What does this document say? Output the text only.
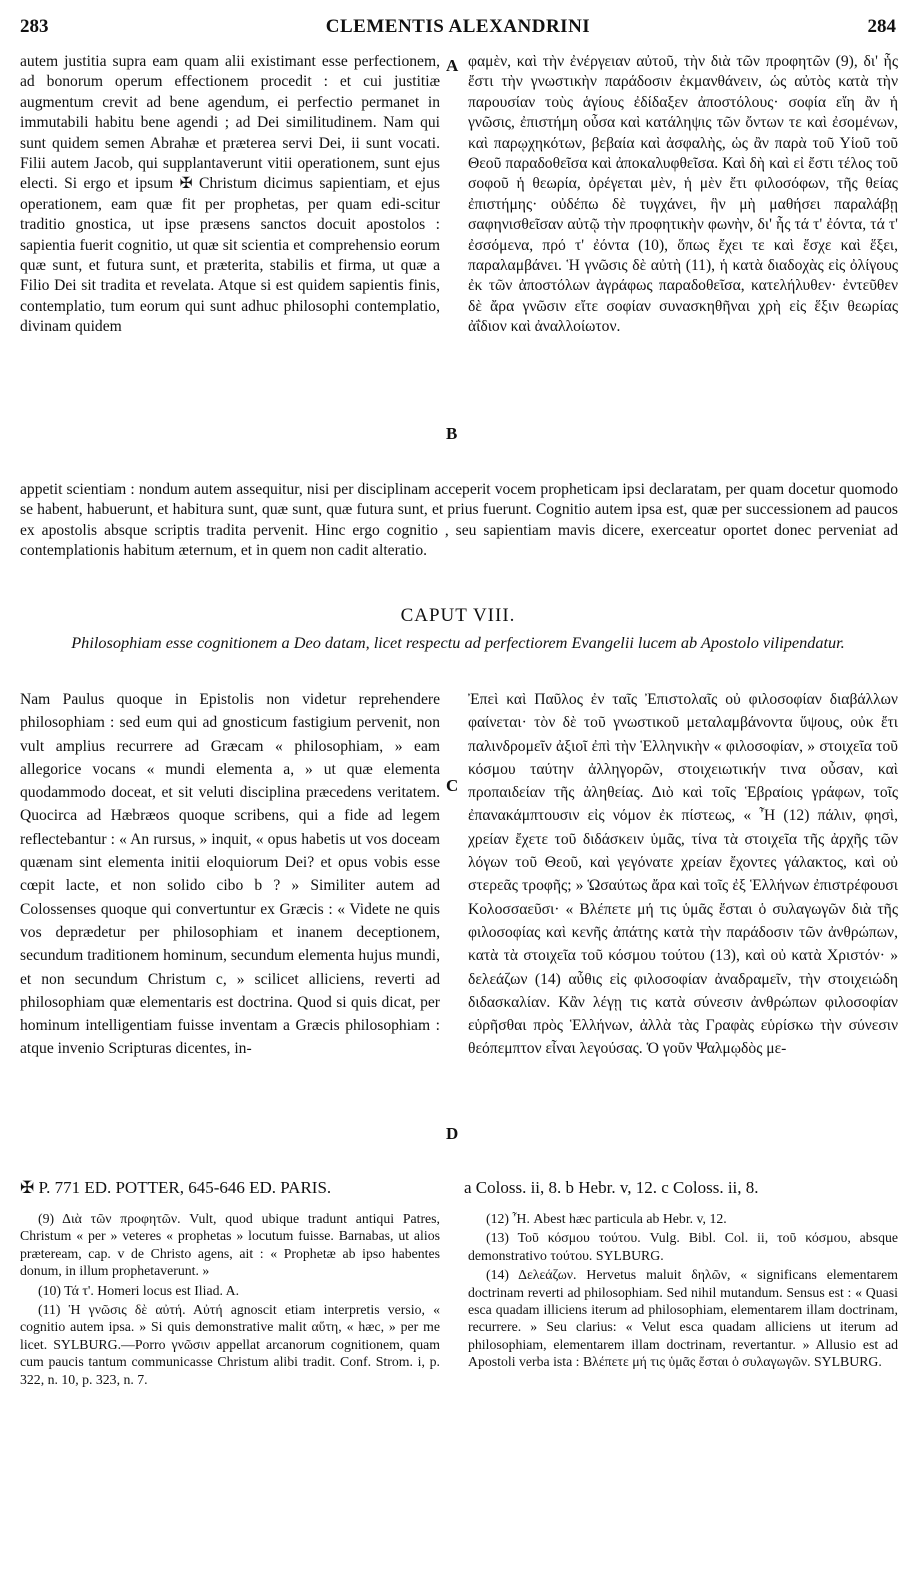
283	CLEMENTIS ALEXANDRINI	284
autem justitia supra eam quam alii existimant esse perfectionem, ad bonorum operum effectionem procedit : et cui justitiæ augmentum crevit ad bene agendum, ei perfectio permanet in immutabili habitu bene agendi ; ad Dei similitudinem. Nam qui sunt quidem semen Abrahæ et præterea servi Dei, ii sunt vocati. Filii autem Jacob, qui supplantaverunt vitii operationem, sunt ejus electi. Si ergo et ipsum ✠ Christum dicimus sapientiam, et ejus operationem, eam quæ fit per prophetas, per quam edi-scitur traditio gnostica, ut ipse præsens sanctos docuit apostolos : sapientia fuerit cognitio, ut quæ sit scientia et comprehensio eorum quæ sunt, et futura sunt, et præterita, stabilis et firma, ut quæ a Filio Dei sit tradita et revelata. Atque si est quidem sapientis finis, contemplatio, tum eorum qui sunt adhuc philosophi contemplatio, divinam quidem
A φαμὲν, καὶ τὴν ἐνέργειαν αὐτοῦ, τὴν διὰ τῶν προφητῶν (9), δι' ἧς ἔστι τὴν γνωστικὴν παράδοσιν ἐκμανθάνειν, ὡς αὐτὸς κατὰ τὴν παρουσίαν τοὺς ἁγίους ἐδίδαξεν ἀποστόλους· σοφία εἴη ἂν ἡ γνῶσις, ἐπιστήμη οὖσα καὶ κατάληψις τῶν ὄντων τε καὶ ἐσομένων, καὶ παρῳχηκότων, βεβαία καὶ ἀσφαλὴς, ὡς ἂν παρὰ τοῦ Υἱοῦ τοῦ Θεοῦ παραδοθεῖσα καὶ ἀποκαλυφθεῖσα. Καὶ δὴ καὶ εἰ ἔστι τέλος τοῦ σοφοῦ ἡ θεωρία, ὀρέγεται μὲν, ἡ μὲν ἔτι φιλοσόφων, τῆς θείας ἐπιστήμης· οὐδέπω δὲ τυγχάνει, ἣν μὴ μαθήσει παραλάβῃ σαφηνισθεῖσαν αὐτῷ τὴν προφητικὴν φωνὴν, δι' ἧς τά τ' ἐόντα, τά τ' ἐσσόμενα, πρό τ' ἐόντα (10), ὅπως ἔχει τε καὶ ἔσχε καὶ ἕξει, παραλαμβάνει. Ἡ γνῶσις δὲ αὐτὴ (11), ἡ κατὰ διαδοχὰς εἰς ὀλίγους ἐκ τῶν ἀποστόλων ἀγράφως παραδοθεῖσα, κατελήλυθεν· ἐντεῦθεν δὲ ἄρα γνῶσιν εἴτε σοφίαν συνασκηθῆναι χρὴ εἰς ἕξιν θεωρίας ἀΐδιον καὶ ἀναλλοίωτον.
B
appetit scientiam : nondum autem assequitur, nisi per disciplinam acceperit vocem propheticam ipsi declaratam, per quam docetur quomodo se habent, habuerunt, et habitura sunt, quæ sunt, quæ futura sunt, et prius fuerunt. Cognitio autem ipsa est, quæ per successionem ad paucos ex apostolis absque scriptis tradita pervenit. Hinc ergo cognitio , seu sapientiam mavis dicere, exerceatur oportet donec perveniat ad contemplationis habitum æternum, et in quem non cadit alteratio.
CAPUT VIII.
Philosophiam esse cognitionem a Deo datam, licet respectu ad perfectiorem Evangelii lucem ab Apostolo vilipendatur.
Nam Paulus quoque in Epistolis non videtur reprehendere philosophiam : sed eum qui ad gnosticum fastigium pervenit, non vult amplius recurrere ad Græcam « philosophiam, » eam allegorice vocans « mundi elementa a, » ut quæ elementa quodammodo doceat, et sit veluti disciplina præcedens veritatem. Quocirca ad Hæbræos quoque scribens, qui a fide ad legem reflectebantur : « An rursus, » inquit, « opus habetis ut vos doceam quænam sint elementa initii eloquiorum Dei? et opus vobis esse cœpit lacte, et non solido cibo b ? » Similiter autem ad Colossenses quoque qui convertuntur ex Græcis : « Videte ne quis vos deprædetur per philosophiam et inanem deceptionem, secundum traditionem hominum, secundum elementa hujus mundi, et non secundum Christum c, » scilicet alliciens, reverti ad philosophiam quæ elementaris est doctrina. Quod si quis dicat, per hominum intelligentiam fuisse inventam a Græcis philosophiam : atque invenio Scripturas dicentes, in-
C
Ἐπεὶ καὶ Παῦλος ἐν ταῖς Ἐπιστολαῖς οὐ φιλοσοφίαν διαβάλλων φαίνεται· τὸν δὲ τοῦ γνωστικοῦ μεταλαμβάνοντα ὕψους, οὐκ ἔτι παλινδρομεῖν ἀξιοῖ ἐπὶ τὴν Ἑλληνικὴν « φιλοσοφίαν, » στοιχεῖα τοῦ κόσμου ταύτην ἀλληγορῶν, στοιχειωτικήν τινα οὖσαν, καὶ προπαιδείαν τῆς ἀληθείας. Διὸ καὶ τοῖς Ἑβραίοις γράφων, τοῖς ἐπανακάμπτουσιν εἰς νόμον ἐκ πίστεως, « Ἦ (12) πάλιν, φησὶ, χρείαν ἔχετε τοῦ διδάσκειν ὑμᾶς, τίνα τὰ στοιχεῖα τῆς ἀρχῆς τῶν λόγων τοῦ Θεοῦ, καὶ γεγόνατε χρείαν ἔχοντες γάλακτος, καὶ οὐ στερεᾶς τροφῆς; » Ὡσαύτως ἄρα καὶ τοῖς ἐξ Ἑλλήνων ἐπιστρέφουσι Κολοσσαεῦσι· « Βλέπετε μή τις ὑμᾶς ἔσται ὁ συλαγωγῶν διὰ τῆς φιλοσοφίας καὶ κενῆς ἀπάτης κατὰ τὴν παράδοσιν τῶν ἀνθρώπων, κατὰ τὰ στοιχεῖα τοῦ κόσμου τούτου (13), καὶ οὐ κατὰ Χριστόν· » δελεάζων (14) αὖθις εἰς φιλοσοφίαν ἀναδραμεῖν, τὴν στοιχειώδη διδασκαλίαν. Κἂν λέγῃ τις κατὰ σύνεσιν ἀνθρώπων φιλοσοφίαν εὑρῆσθαι πρὸς Ἑλλήνων, ἀλλὰ τὰς Γραφὰς εὑρίσκω τὴν σύνεσιν θεόπεμπτον εἶναι λεγούσας. Ὁ γοῦν Ψαλμῳδὸς με-
D
✠ P. 771 ED. POTTER, 645-646 ED. PARIS.	a Coloss. ii, 8. b Hebr. v, 12. c Coloss. ii, 8.

(9) Διὰ τῶν προφητῶν. Vult, quod ubique tradunt antiqui Patres, Christum « per » veteres « prophetas » locutum fuisse. Barnabas, ut alios præteream, cap. v de Christo agens, ait : « Prophetæ ab ipso habentes donum, in illum prophetaverunt. »

(10) Τά τ'. Homeri locus est Iliad. A.

(11) Ἡ γνῶσις δὲ αὐτή. Αὐτή agnoscit etiam interpretis versio, « cognitio autem ipsa. » Si quis demonstrative malit αὕτη, « hæc, » per me licet. SYLBURG.—Porro γνῶσιν appellat arcanorum cognitionem, quam cum paucis tantum communicasse Christum alibi tradit. Conf. Strom. i, p. 322, n. 10, p. 323, n. 7.

(12) Ἦ. Abest hæc particula ab Hebr. v, 12.

(13) Τοῦ κόσμου τούτου. Vulg. Bibl. Col. ii, τοῦ κόσμου, absque demonstrativo τούτου. SYLBURG.

(14) Δελεάζων. Hervetus maluit δηλῶν, « significans elementarem doctrinam reverti ad philosophiam. Sed nihil mutandum. Sensus est : « Quasi esca quadam illiciens iterum ad philosophiam, elementarem illam doctrinam, recurrere. » Seu clarius: « Velut esca quadam alliciens ut iterum ad philosophiam, elementarem illam doctrinam, revertantur. » Allusio est ad Apostoli verba ista : Βλέπετε μή τις ὑμᾶς ἔσται ὁ συλαγωγῶν. SYLBURG.
